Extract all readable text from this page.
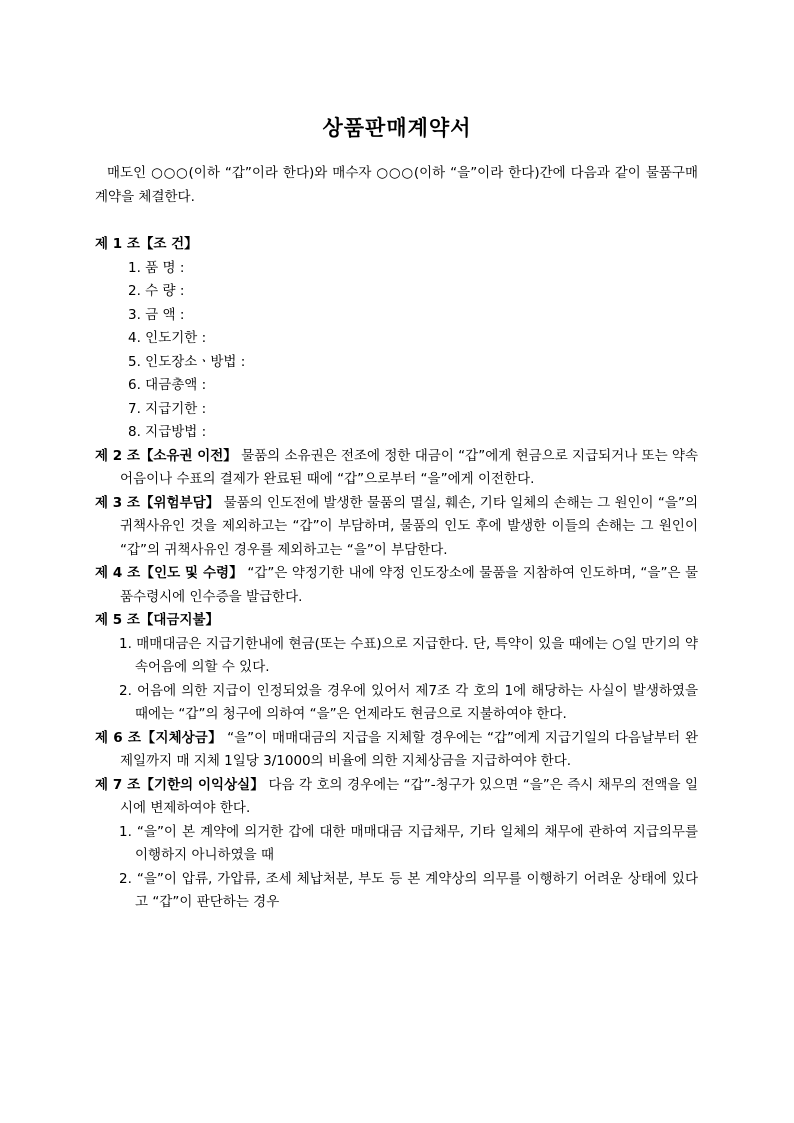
상품판매계약서
매도인 ○○○(이하 “갑”이라 한다)와 매수자 ○○○(이하 “을”이라 한다)간에 다음과 같이 물품구매계약을 체결한다.
제 1 조【조 건】
1. 품 명 :
2. 수 량 :
3. 금 액 :
4. 인도기한 :
5. 인도장소ㆍ방법 :
6. 대금총액 :
7. 지급기한 :
8. 지급방법 :
제 2 조【소유권 이전】 물품의 소유권은 전조에 정한 대금이 “갑”에게 현금으로 지급되거나 또는 약속어음이나 수표의 결제가 완료된 때에 “갑”으로부터 “을”에게 이전한다.
제 3 조【위험부담】 물품의 인도전에 발생한 물품의 멸실, 훼손, 기타 일체의 손해는 그 원인이 “을”의 귀책사유인 것을 제외하고는 “갑”이 부담하며, 물품의 인도 후에 발생한 이들의 손해는 그 원인이 “갑”의 귀책사유인 경우를 제외하고는 “을”이 부담한다.
제 4 조【인도 및 수령】 “갑”은 약정기한 내에 약정 인도장소에 물품을 지참하여 인도하며, “을”은 물품수령시에 인수증을 발급한다.
제 5 조【대금지불】
1. 매매대금은 지급기한내에 현금(또는 수표)으로 지급한다. 단, 특약이 있을 때에는 ○일 만기의 약속어음에 의할 수 있다.
2. 어음에 의한 지급이 인정되었을 경우에 있어서 제7조 각 호의 1에 해당하는 사실이 발생하였을 때에는 “갑”의 청구에 의하여 “을”은 언제라도 현금으로 지불하여야 한다.
제 6 조【지체상금】 “을”이 매매대금의 지급을 지체할 경우에는 “갑”에게 지급기일의 다음날부터 완제일까지 매 지체 1일당 3/1000의 비율에 의한 지체상금을 지급하여야 한다.
제 7 조【기한의 이익상실】 다음 각 호의 경우에는 “갑”-청구가 있으면 “을”은 즉시 채무의 전액을 일시에 변제하여야 한다.
1. “을”이 본 계약에 의거한 갑에 대한 매매대금 지급채무, 기타 일체의 채무에 관하여 지급의무를 이행하지 아니하였을 때
2. “을”이 압류, 가압류, 조세 체납처분, 부도 등 본 계약상의 의무를 이행하기 어려운 상태에 있다고 “갑”이 판단하는 경우
